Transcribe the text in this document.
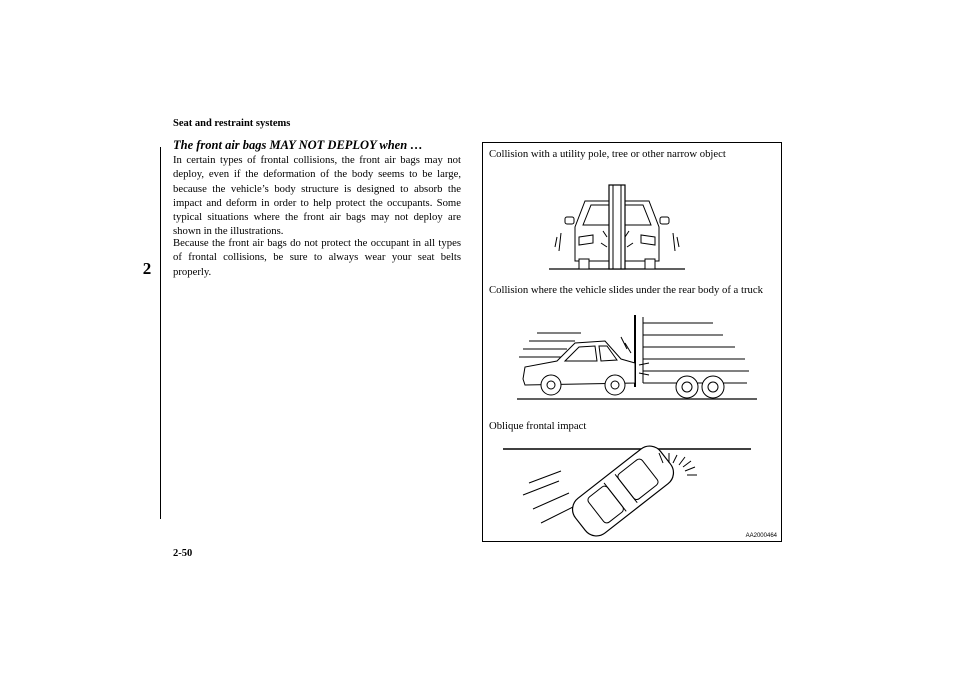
Seat and restraint systems
2
The front air bags MAY NOT DEPLOY when …
In certain types of frontal collisions, the front air bags may not deploy, even if the deformation of the body seems to be large, because the vehicle’s body structure is designed to absorb the impact and deform in order to help protect the occupants. Some typical situations where the front air bags may not deploy are shown in the illustrations.
Because the front air bags do not protect the occupant in all types of frontal collisions, be sure to always wear your seat belts properly.
Collision with a utility pole, tree or other narrow object
Collision where the vehicle slides under the rear body of a truck
Oblique frontal impact
AA2000464
2-50
